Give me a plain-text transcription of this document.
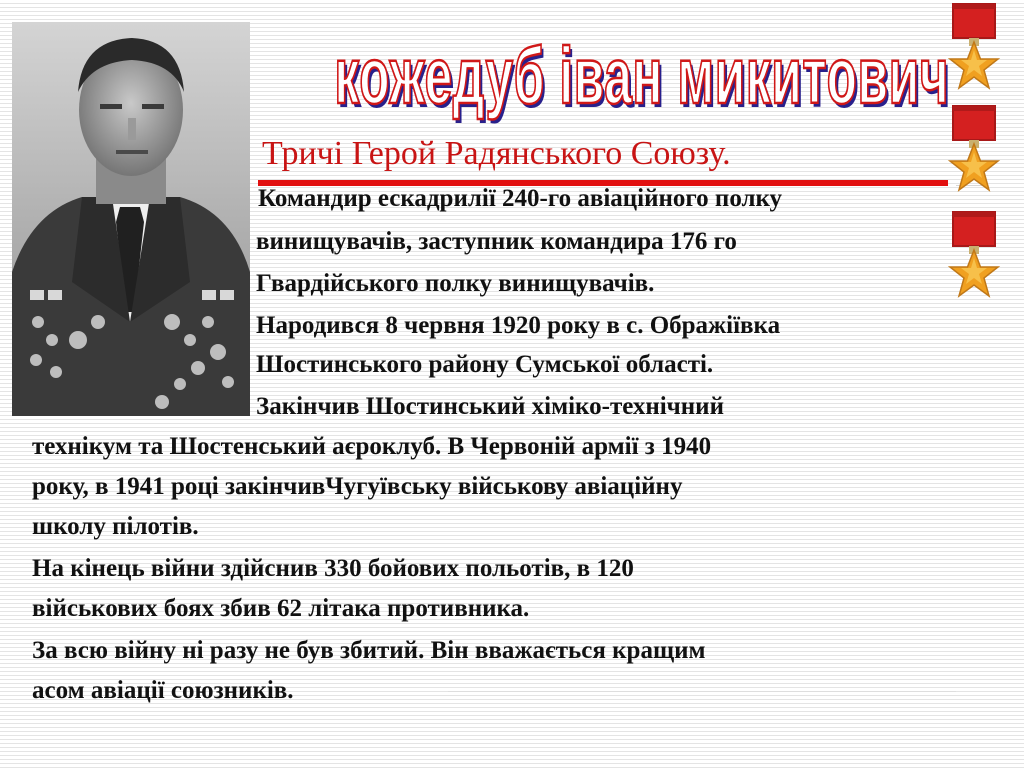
кожедуб іван микитович
Тричі Герой Радянського Союзу.
Командир ескадрилії 240-го авіаційного полку
винищувачів, заступник командира 176 го
Гвардійського полку винищувачів.
Народився 8 червня 1920 року в с. Ображіївка
Шостинського району Сумської області.
Закінчив Шостинський хіміко-технічний
технікум та Шостенський аєроклуб. В Червоній армії з 1940
року, в 1941 році закінчивЧугуївську військову авіаційну
школу пілотів.
На кінець війни здійснив 330 бойових польотів, в 120
військових боях збив 62 літака противника.
За всю війну ні разу не був збитий. Він вважається кращим
асом авіації союзників.
